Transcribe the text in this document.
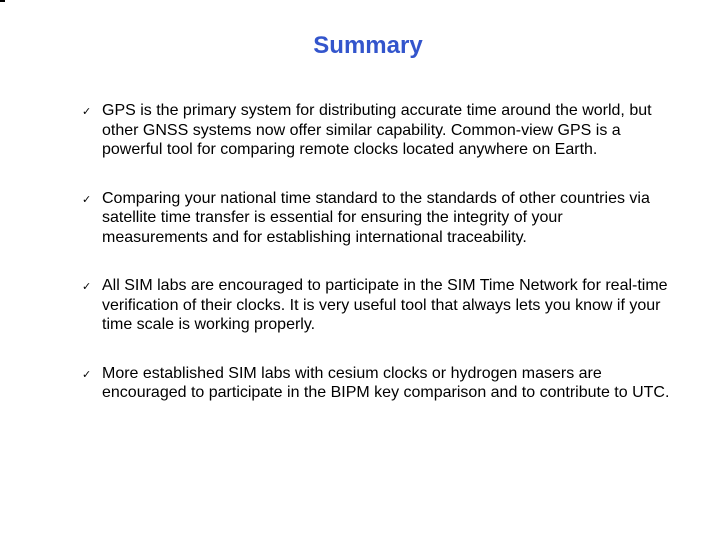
Summary
✓ GPS is the primary system for distributing accurate time around the world, but other GNSS systems now offer similar capability. Common-view GPS is a powerful tool for comparing remote clocks located anywhere on Earth.
✓ Comparing your national time standard to the standards of other countries via satellite time transfer is essential for ensuring the integrity of your measurements and for establishing international traceability.
✓ All SIM labs are encouraged to participate in the SIM Time Network for real-time verification of their clocks. It is very useful tool that always lets you know if your time scale is working properly.
✓ More established SIM labs with cesium clocks or hydrogen masers are encouraged to participate in the BIPM key comparison and to contribute to UTC.
